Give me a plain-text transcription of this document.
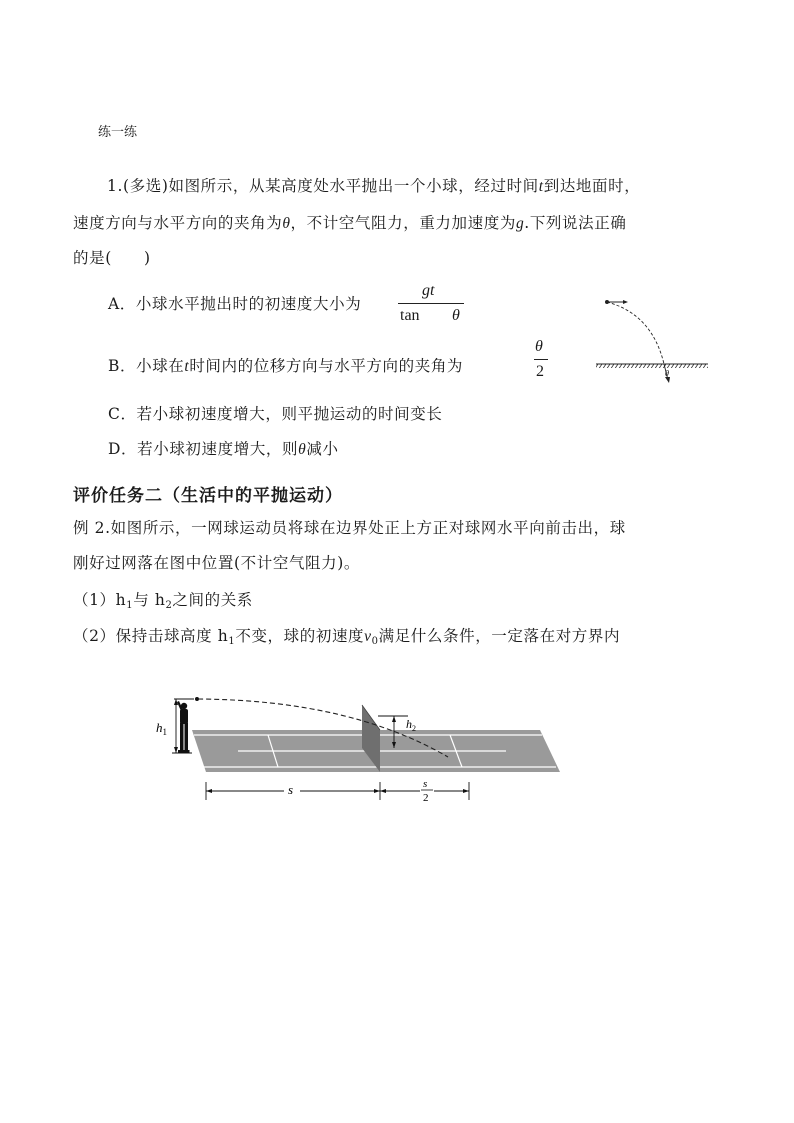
练一练
1.(多选)如图所示，从某高度处水平抛出一个小球，经过时间t到达地面时，
速度方向与水平方向的夹角为θ，不计空气阻力，重力加速度为g.下列说法正确
的是(　　)
A．小球水平抛出时的初速度大小为
gt
tan θ
B．小球在t时间内的位移方向与水平方向的夹角为
θ
2
C．若小球初速度增大，则平抛运动的时间变长
D．若小球初速度增大，则θ减小
θ
评价任务二（生活中的平抛运动）
例 2.如图所示，一网球运动员将球在边界处正上方正对球网水平向前击出，球
刚好过网落在图中位置(不计空气阻力)。
$(1)h_1$与 $h_2$之间的关系
（2）保持击球高度 $h_1$不变，球的初速度$v_0$满足什么条件，一定落在对方界内
$h_1$
$h_2$
s	s
2
